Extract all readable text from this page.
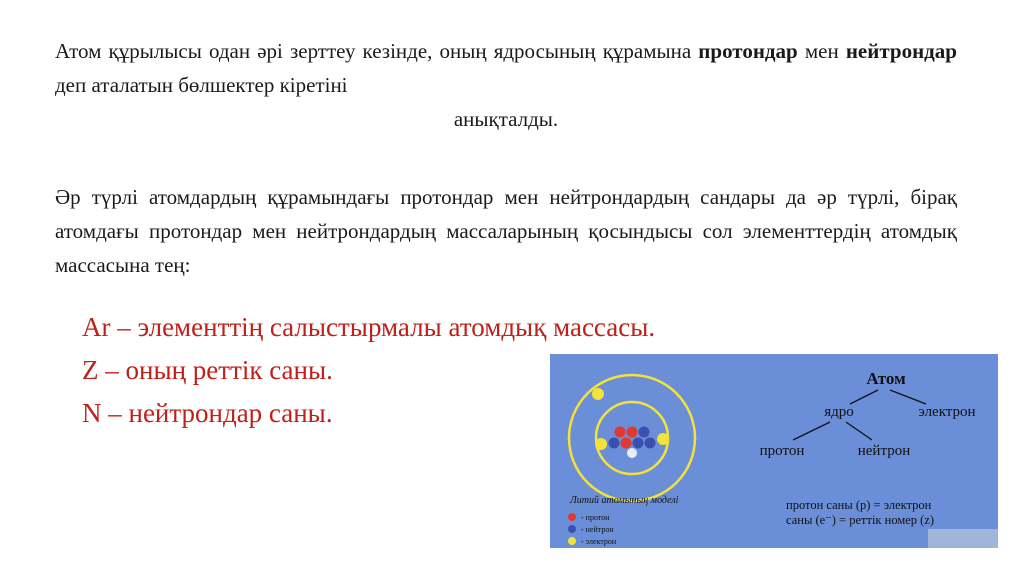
Атом құрылысы одан әрі зерттеу кезінде, оның ядросының құрамына протондар мен нейтрондар деп аталатын бөлшектер кіретіні
анықталды.
Әр түрлі атомдардың құрамындағы протондар мен нейтрондардың сандары да әр түрлі, бірақ атомдағы протондар мен нейтрондардың массаларының қосындысы сол элементтердің атомдық массасына тең:
Ar – элементтің салыстырмалы атомдық массасы.
Z – оның реттік саны.
N – нейтрондар саны.
Атом
ядро	электрон
протон	нейтрон
Литий атомының моделі
- протон
- нейтрон
- электрон
протон саны (p) = электрон
саны (e⁻) = реттік номер (z)
